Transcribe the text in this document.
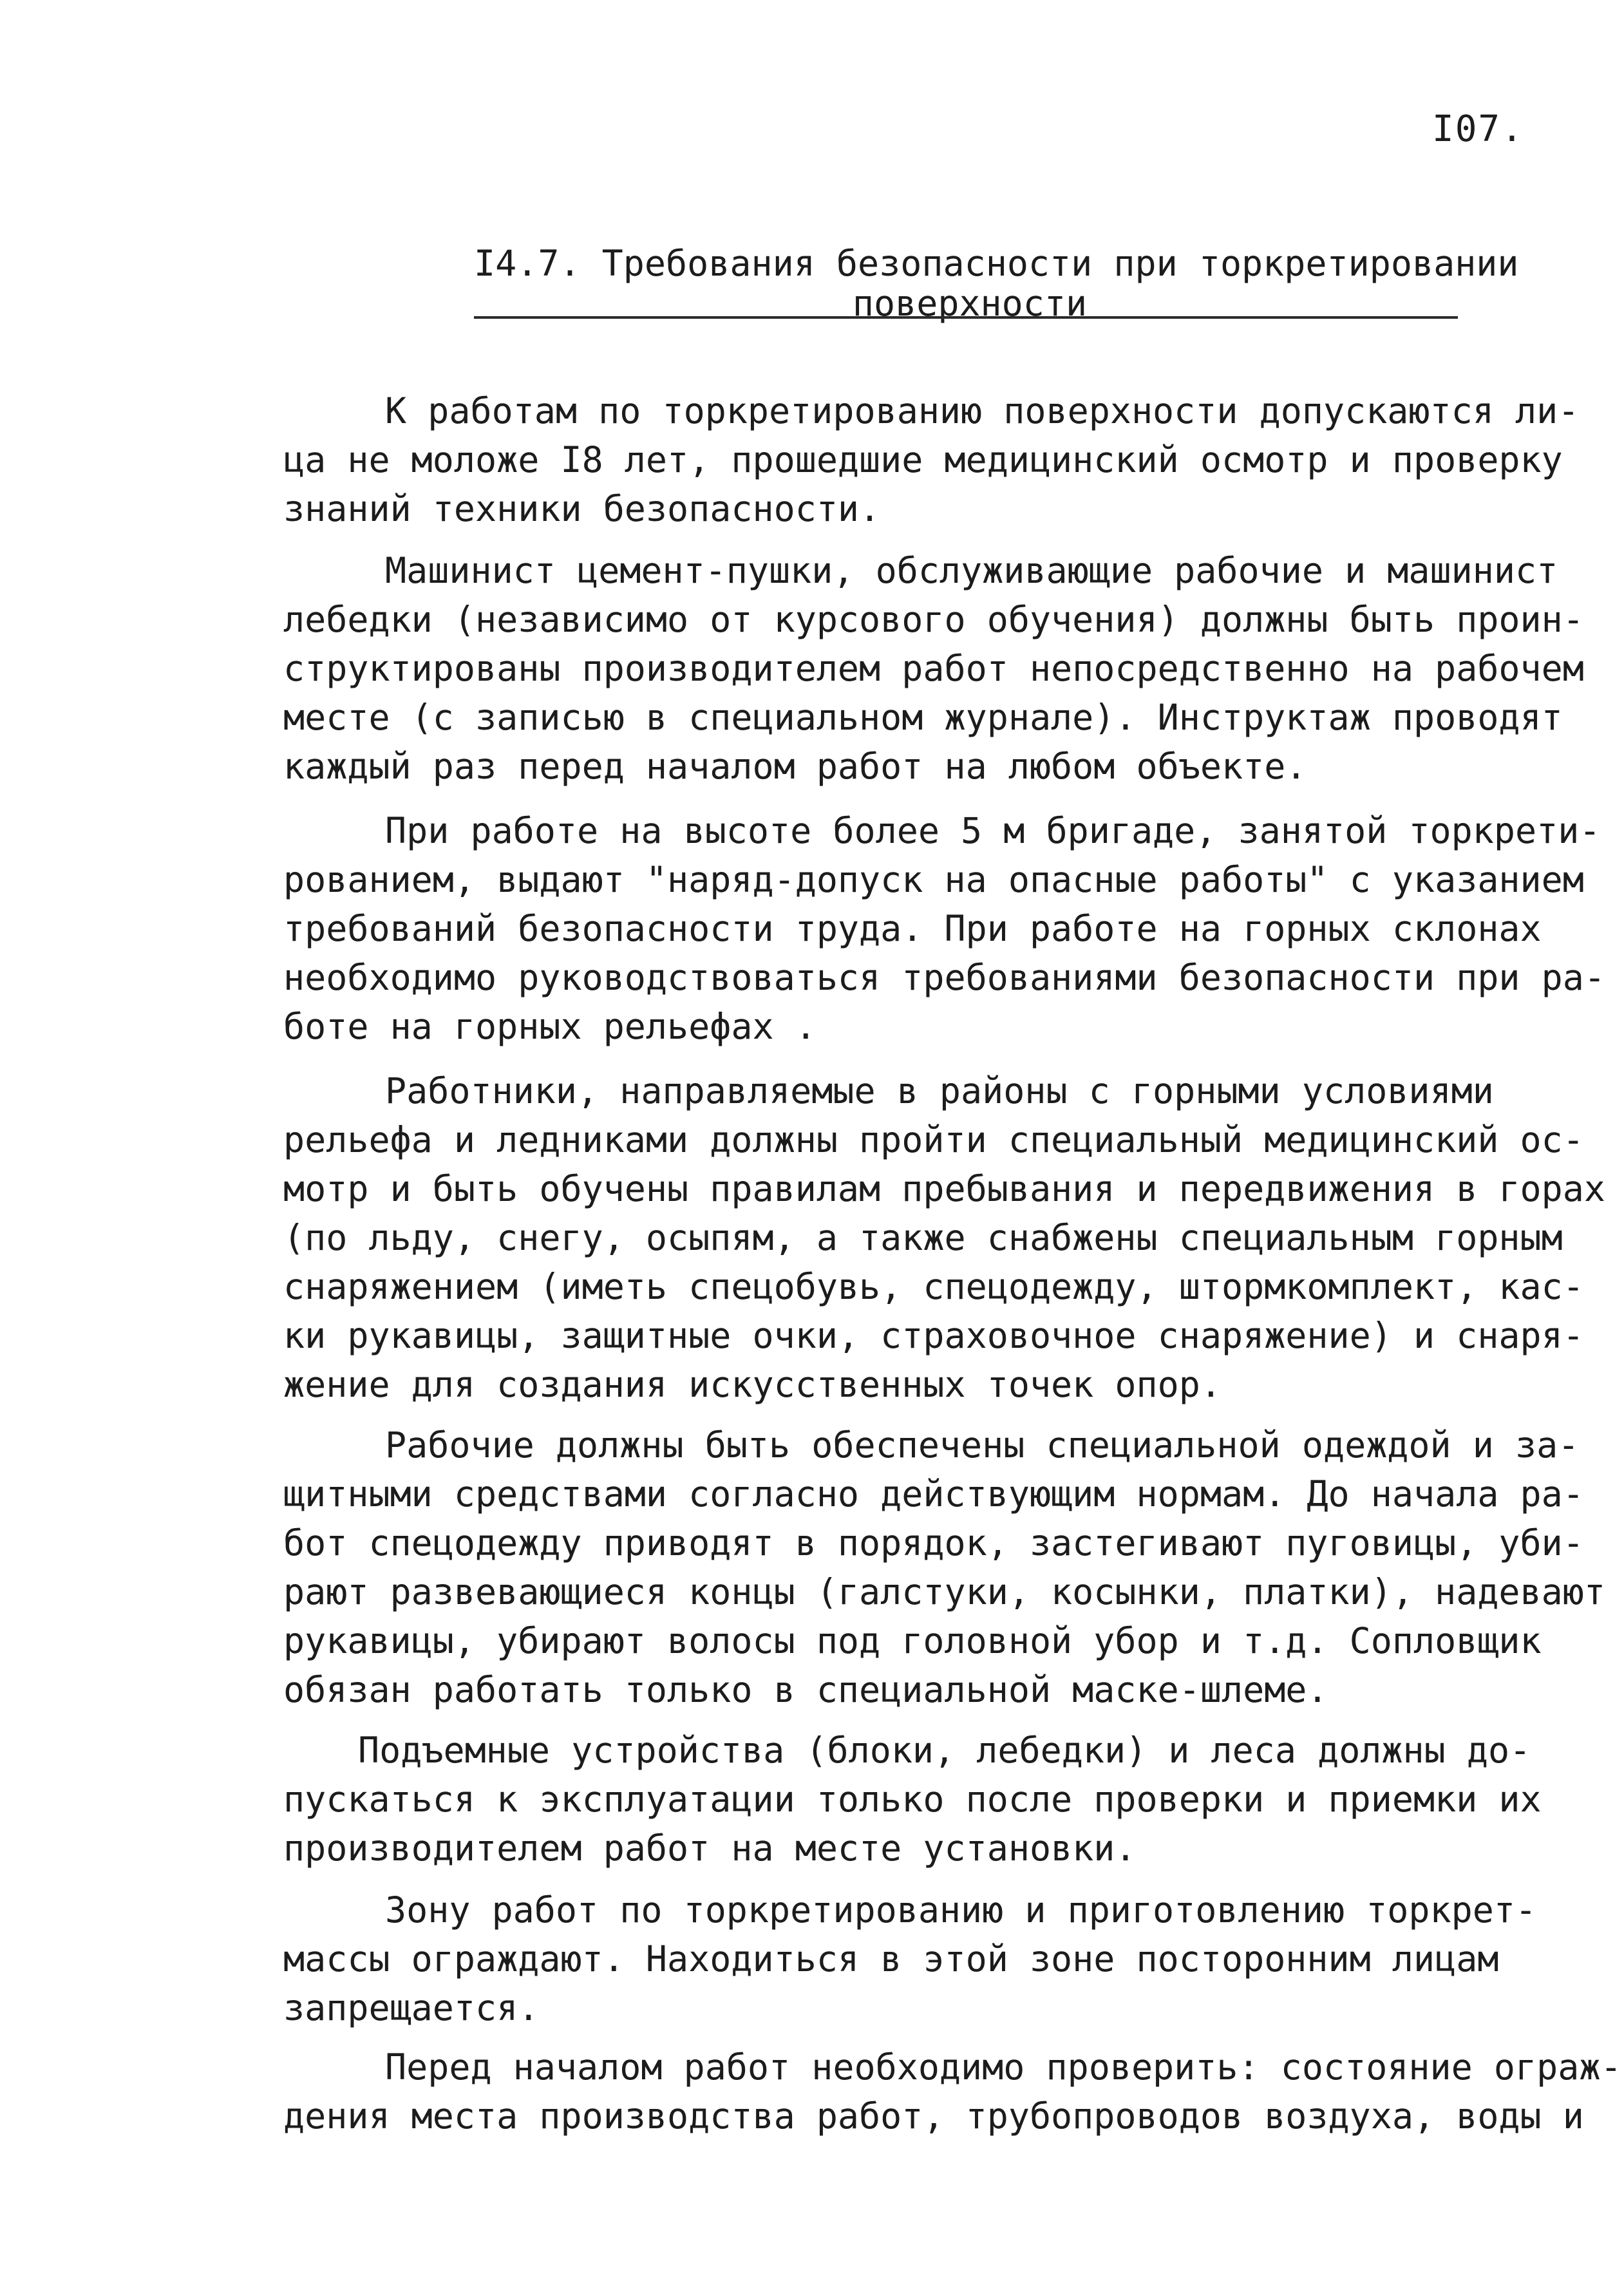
I07.
I4.7. Требования безопасности при торкретировании
поверхности
К работам по торкретированию поверхности допускаются ли-
ца не моложе I8 лет, прошедшие медицинский осмотр и проверку
знаний техники безопасности.
Машинист цемент-пушки, обслуживающие рабочие и машинист
лебедки (независимо от курсового обучения) должны быть проин-
структированы производителем работ непосредственно на рабочем
месте (с записью в специальном журнале). Инструктаж проводят
каждый раз перед началом работ на любом объекте.
При работе на высоте более 5 м бригаде, занятой торкрети-
рованием, выдают "наряд-допуск на опасные работы" с указанием
требований безопасности труда. При работе на горных склонах
необходимо руководствоваться требованиями безопасности при ра-
боте на горных рельефах .
Работники, направляемые в районы с горными условиями
рельефа и ледниками должны пройти специальный медицинский ос-
мотр и быть обучены правилам пребывания и передвижения в горах
(по льду, снегу, осыпям, а также снабжены специальным горным
снаряжением (иметь спецобувь, спецодежду, штормкомплект, кас-
ки рукавицы, защитные очки, страховочное снаряжение) и снаря-
жение для создания искусственных точек опор.
Рабочие должны быть обеспечены специальной одеждой и за-
щитными средствами согласно действующим нормам. До начала ра-
бот спецодежду приводят в порядок, застегивают пуговицы, уби-
рают развевающиеся концы (галстуки, косынки, платки), надевают
рукавицы, убирают волосы под головной убор и т.д. Сопловщик
обязан работать только в специальной маске-шлеме.
Подъемные устройства (блоки, лебедки) и леса должны до-
пускаться к эксплуатации только после проверки и приемки их
производителем работ на месте установки.
Зону работ по торкретированию и приготовлению торкрет-
массы ограждают. Находиться в этой зоне посторонним лицам
запрещается.
Перед началом работ необходимо проверить: состояние ограж-
дения места производства работ, трубопроводов воздуха, воды и
